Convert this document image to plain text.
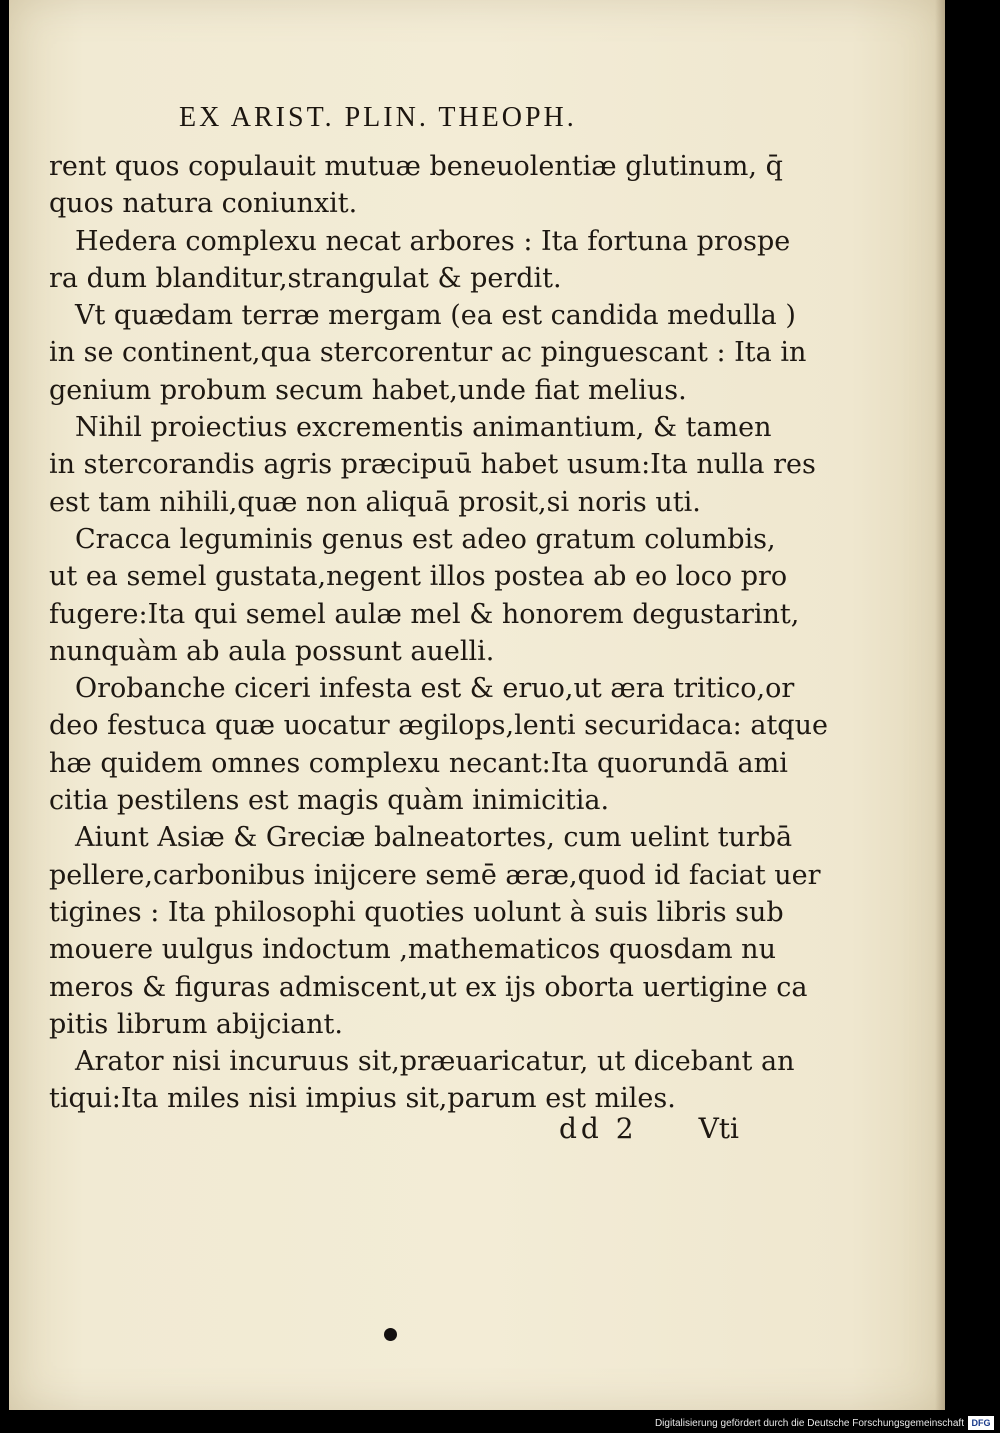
EX ARIST. PLIN. THEOPH.
rent quos copulauit mutuæ beneuolentiæ glutinum, q̄
quos natura coniunxit.
Hedera complexu necat arbores : Ita fortuna prospe
ra dum blanditur,strangulat & perdit.
Vt quædam terræ mergam (ea est candida medulla )
in se continent,qua stercorentur ac pinguescant : Ita in
genium probum secum habet,unde fiat melius.
Nihil proiectius excrementis animantium, & tamen
in stercorandis agris præcipuū habet usum:Ita nulla res
est tam nihili,quæ non aliquā prosit,si noris uti.
Cracca leguminis genus est adeo gratum columbis,
ut ea semel gustata,negent illos postea ab eo loco pro
fugere:Ita qui semel aulæ mel & honorem degustarint,
nunquàm ab aula possunt auelli.
Orobanche ciceri infesta est & eruo,ut æra tritico,or
deo festuca quæ uocatur ægilops,lenti securidaca: atque
hæ quidem omnes complexu necant:Ita quorundā ami
citia pestilens est magis quàm inimicitia.
Aiunt Asiæ & Greciæ balneatortes, cum uelint turbā
pellere,carbonibus inijcere semē æræ,quod id faciat uer
tigines : Ita philosophi quoties uolunt à suis libris sub
mouere uulgus indoctum ,mathematicos quosdam nu
meros & figuras admiscent,ut ex ijs oborta uertigine ca
pitis librum abijciant.
Arator nisi incuruus sit,præuaricatur, ut dicebant an
tiqui:Ita miles nisi impius sit,parum est miles.
dd 2 Vti
Digitalisierung gefördert durch die Deutsche Forschungsgemeinschaft DFG
